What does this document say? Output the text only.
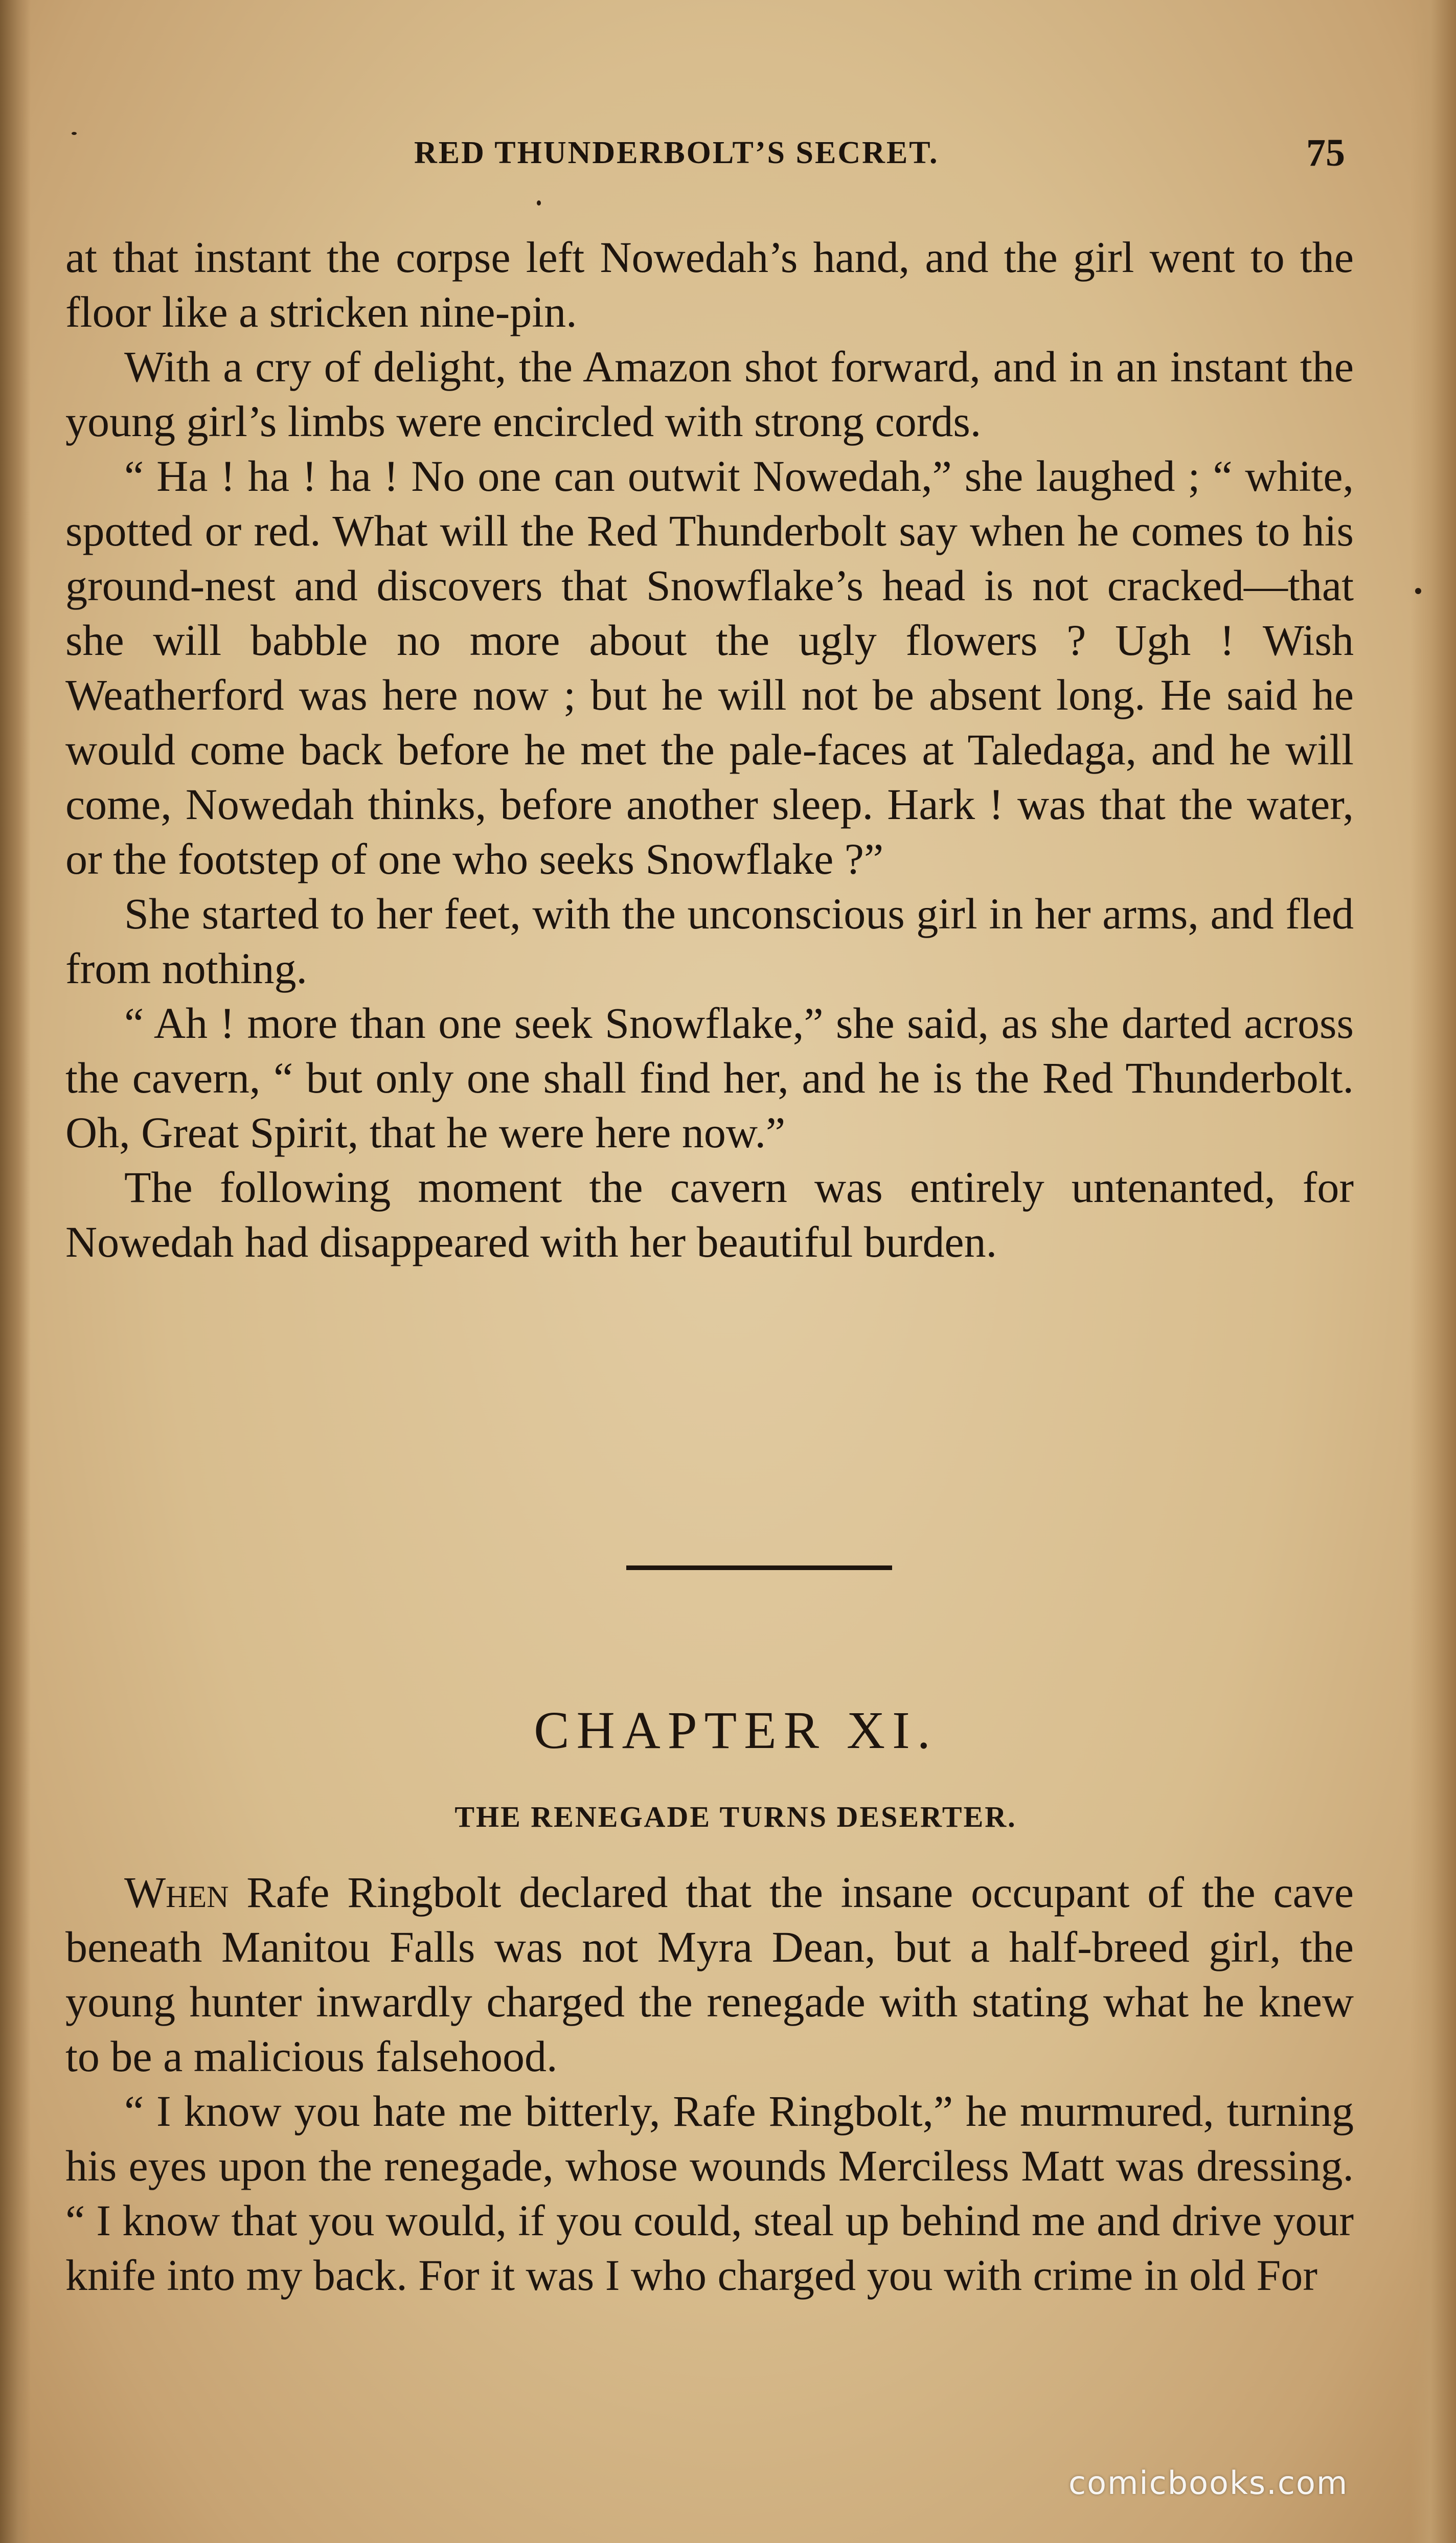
RED THUNDERBOLT’S SECRET.	75

at that instant the corpse left Nowedah’s hand, and the girl went to the floor like a stricken nine-pin.

With a cry of delight, the Amazon shot forward, and in an instant the young girl’s limbs were encircled with strong cords.

“ Ha ! ha ! ha ! No one can outwit Nowedah,” she laughed ; “ white, spotted or red. What will the Red Thunderbolt say when he comes to his ground-nest and discovers that Snowflake’s head is not cracked—that she will babble no more about the ugly flowers ? Ugh ! Wish Weatherford was here now ; but he will not be absent long. He said he would come back before he met the pale-faces at Taledaga, and he will come, Nowedah thinks, before another sleep. Hark ! was that the water, or the footstep of one who seeks Snowflake ?”

She started to her feet, with the unconscious girl in her arms, and fled from nothing.

“ Ah ! more than one seek Snowflake,” she said, as she darted across the cavern, “ but only one shall find her, and he is the Red Thunderbolt. Oh, Great Spirit, that he were here now.”

The following moment the cavern was entirely untenanted, for Nowedah had disappeared with her beautiful burden.

CHAPTER XI.
THE RENEGADE TURNS DESERTER.

When Rafe Ringbolt declared that the insane occupant of the cave beneath Manitou Falls was not Myra Dean, but a half-breed girl, the young hunter inwardly charged the renegade with stating what he knew to be a malicious falsehood.

“ I know you hate me bitterly, Rafe Ringbolt,” he murmured, turning his eyes upon the renegade, whose wounds Merciless Matt was dressing. “ I know that you would, if you could, steal up behind me and drive your knife into my back. For it was I who charged you with crime in old For

comicbooks.com
